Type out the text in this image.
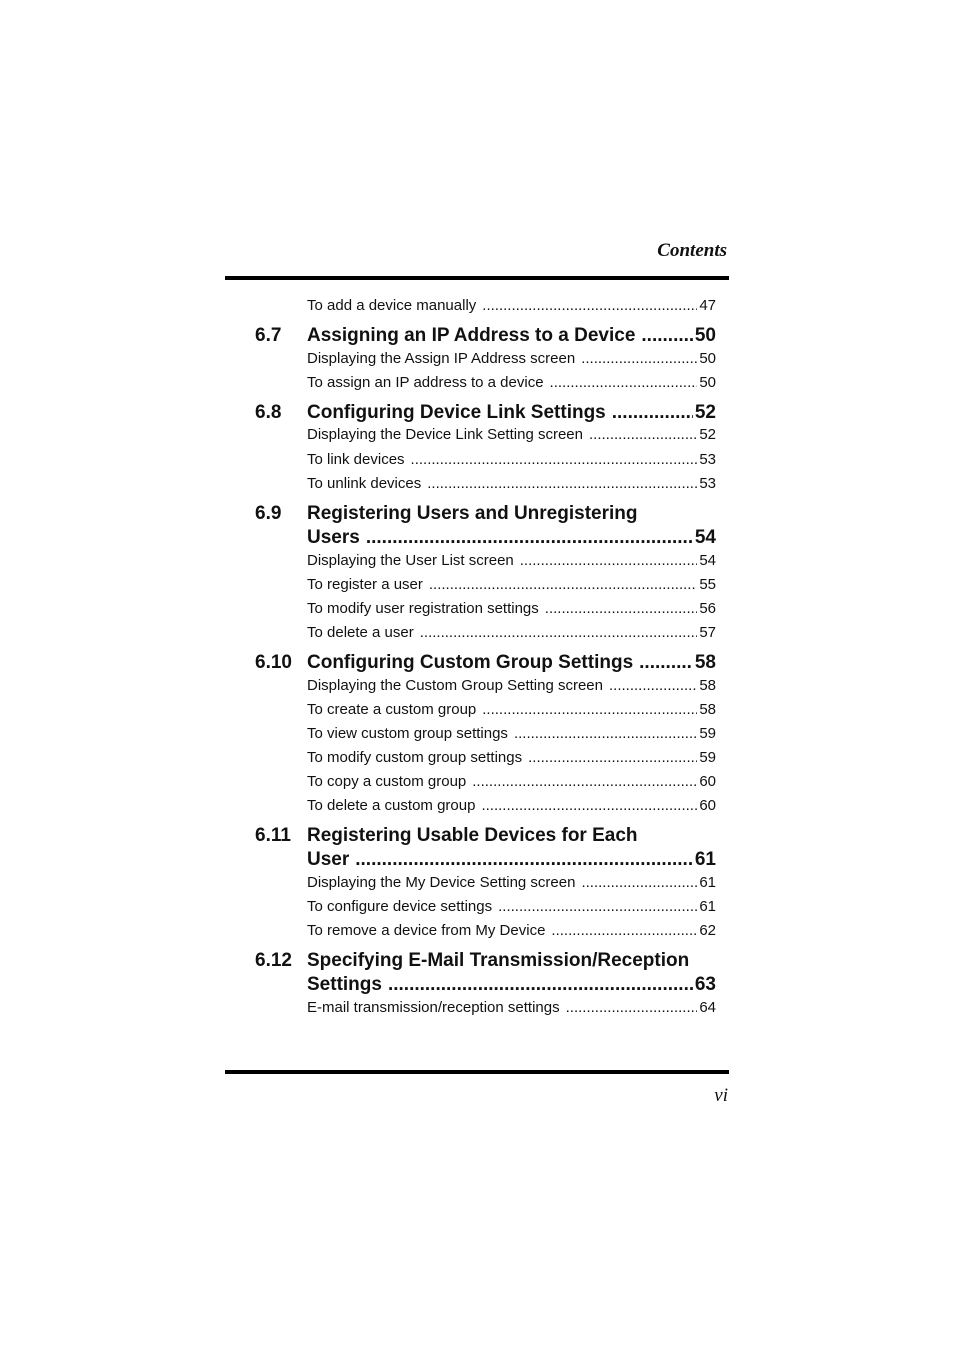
Contents
To add a device manually .....	47
6.7 Assigning an IP Address to a Device .....	50
Displaying the Assign IP Address screen .....	50
To assign an IP address to a device .....	50
6.8 Configuring Device Link Settings .....	52
Displaying the Device Link Setting screen .....	52
To link devices .....	53
To unlink devices .....	53
6.9 Registering Users and Unregistering
Users .....	54
Displaying the User List screen .....	54
To register a user .....	55
To modify user registration settings .....	56
To delete a user .....	57
6.10 Configuring Custom Group Settings .....	58
Displaying the Custom Group Setting screen .....	58
To create a custom group .....	58
To view custom group settings .....	59
To modify custom group settings .....	59
To copy a custom group .....	60
To delete a custom group .....	60
6.11 Registering Usable Devices for Each
User .....	61
Displaying the My Device Setting screen .....	61
To configure device settings .....	61
To remove a device from My Device .....	62
6.12 Specifying E-Mail Transmission/Reception
Settings .....	63
E-mail transmission/reception settings .....	64
vi
